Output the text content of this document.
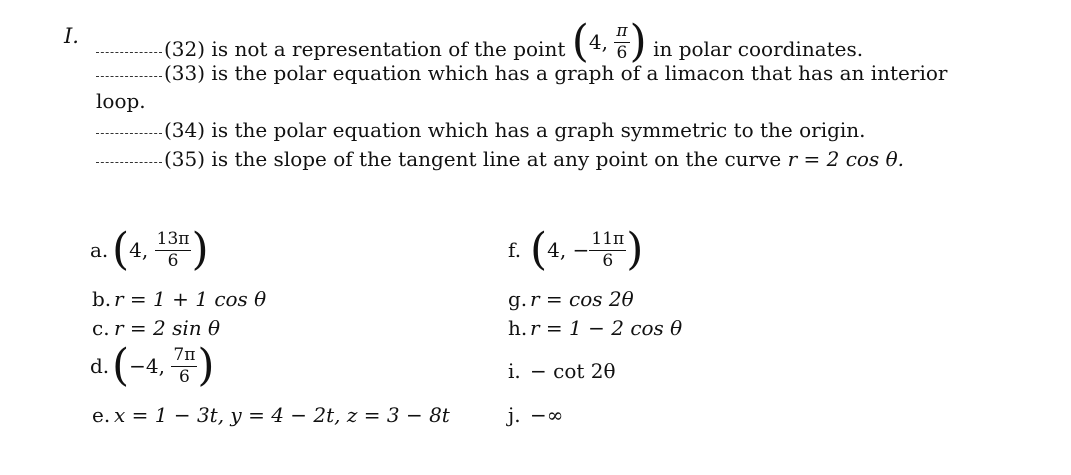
I.
(32) is not a representation of the point ( 4,
$\frac{\pi}{6}$ ) in polar coordinates.
(33) is the polar equation which has a graph of a limacon that has an interior
loop.
(34) is the polar equation which has a graph symmetric to the origin.
(35) is the slope of the tangent line at any point on the curve r = 2 cos θ.
a. ( 4,
$\frac{13\pi}{6}$ )
b. r = 1 + 1 cos θ
c. r = 2 sin θ
d. ( −4,
$\frac{7\pi}{6}$ )
e. x = 1 − 3t, y = 4 − 2t, z = 3 − 8t
f. ( 4, − $\frac{11\pi}{6}$ )
g. r = cos 2θ
h. r = 1 − 2 cos θ
i. − cot 2θ
j. −∞
